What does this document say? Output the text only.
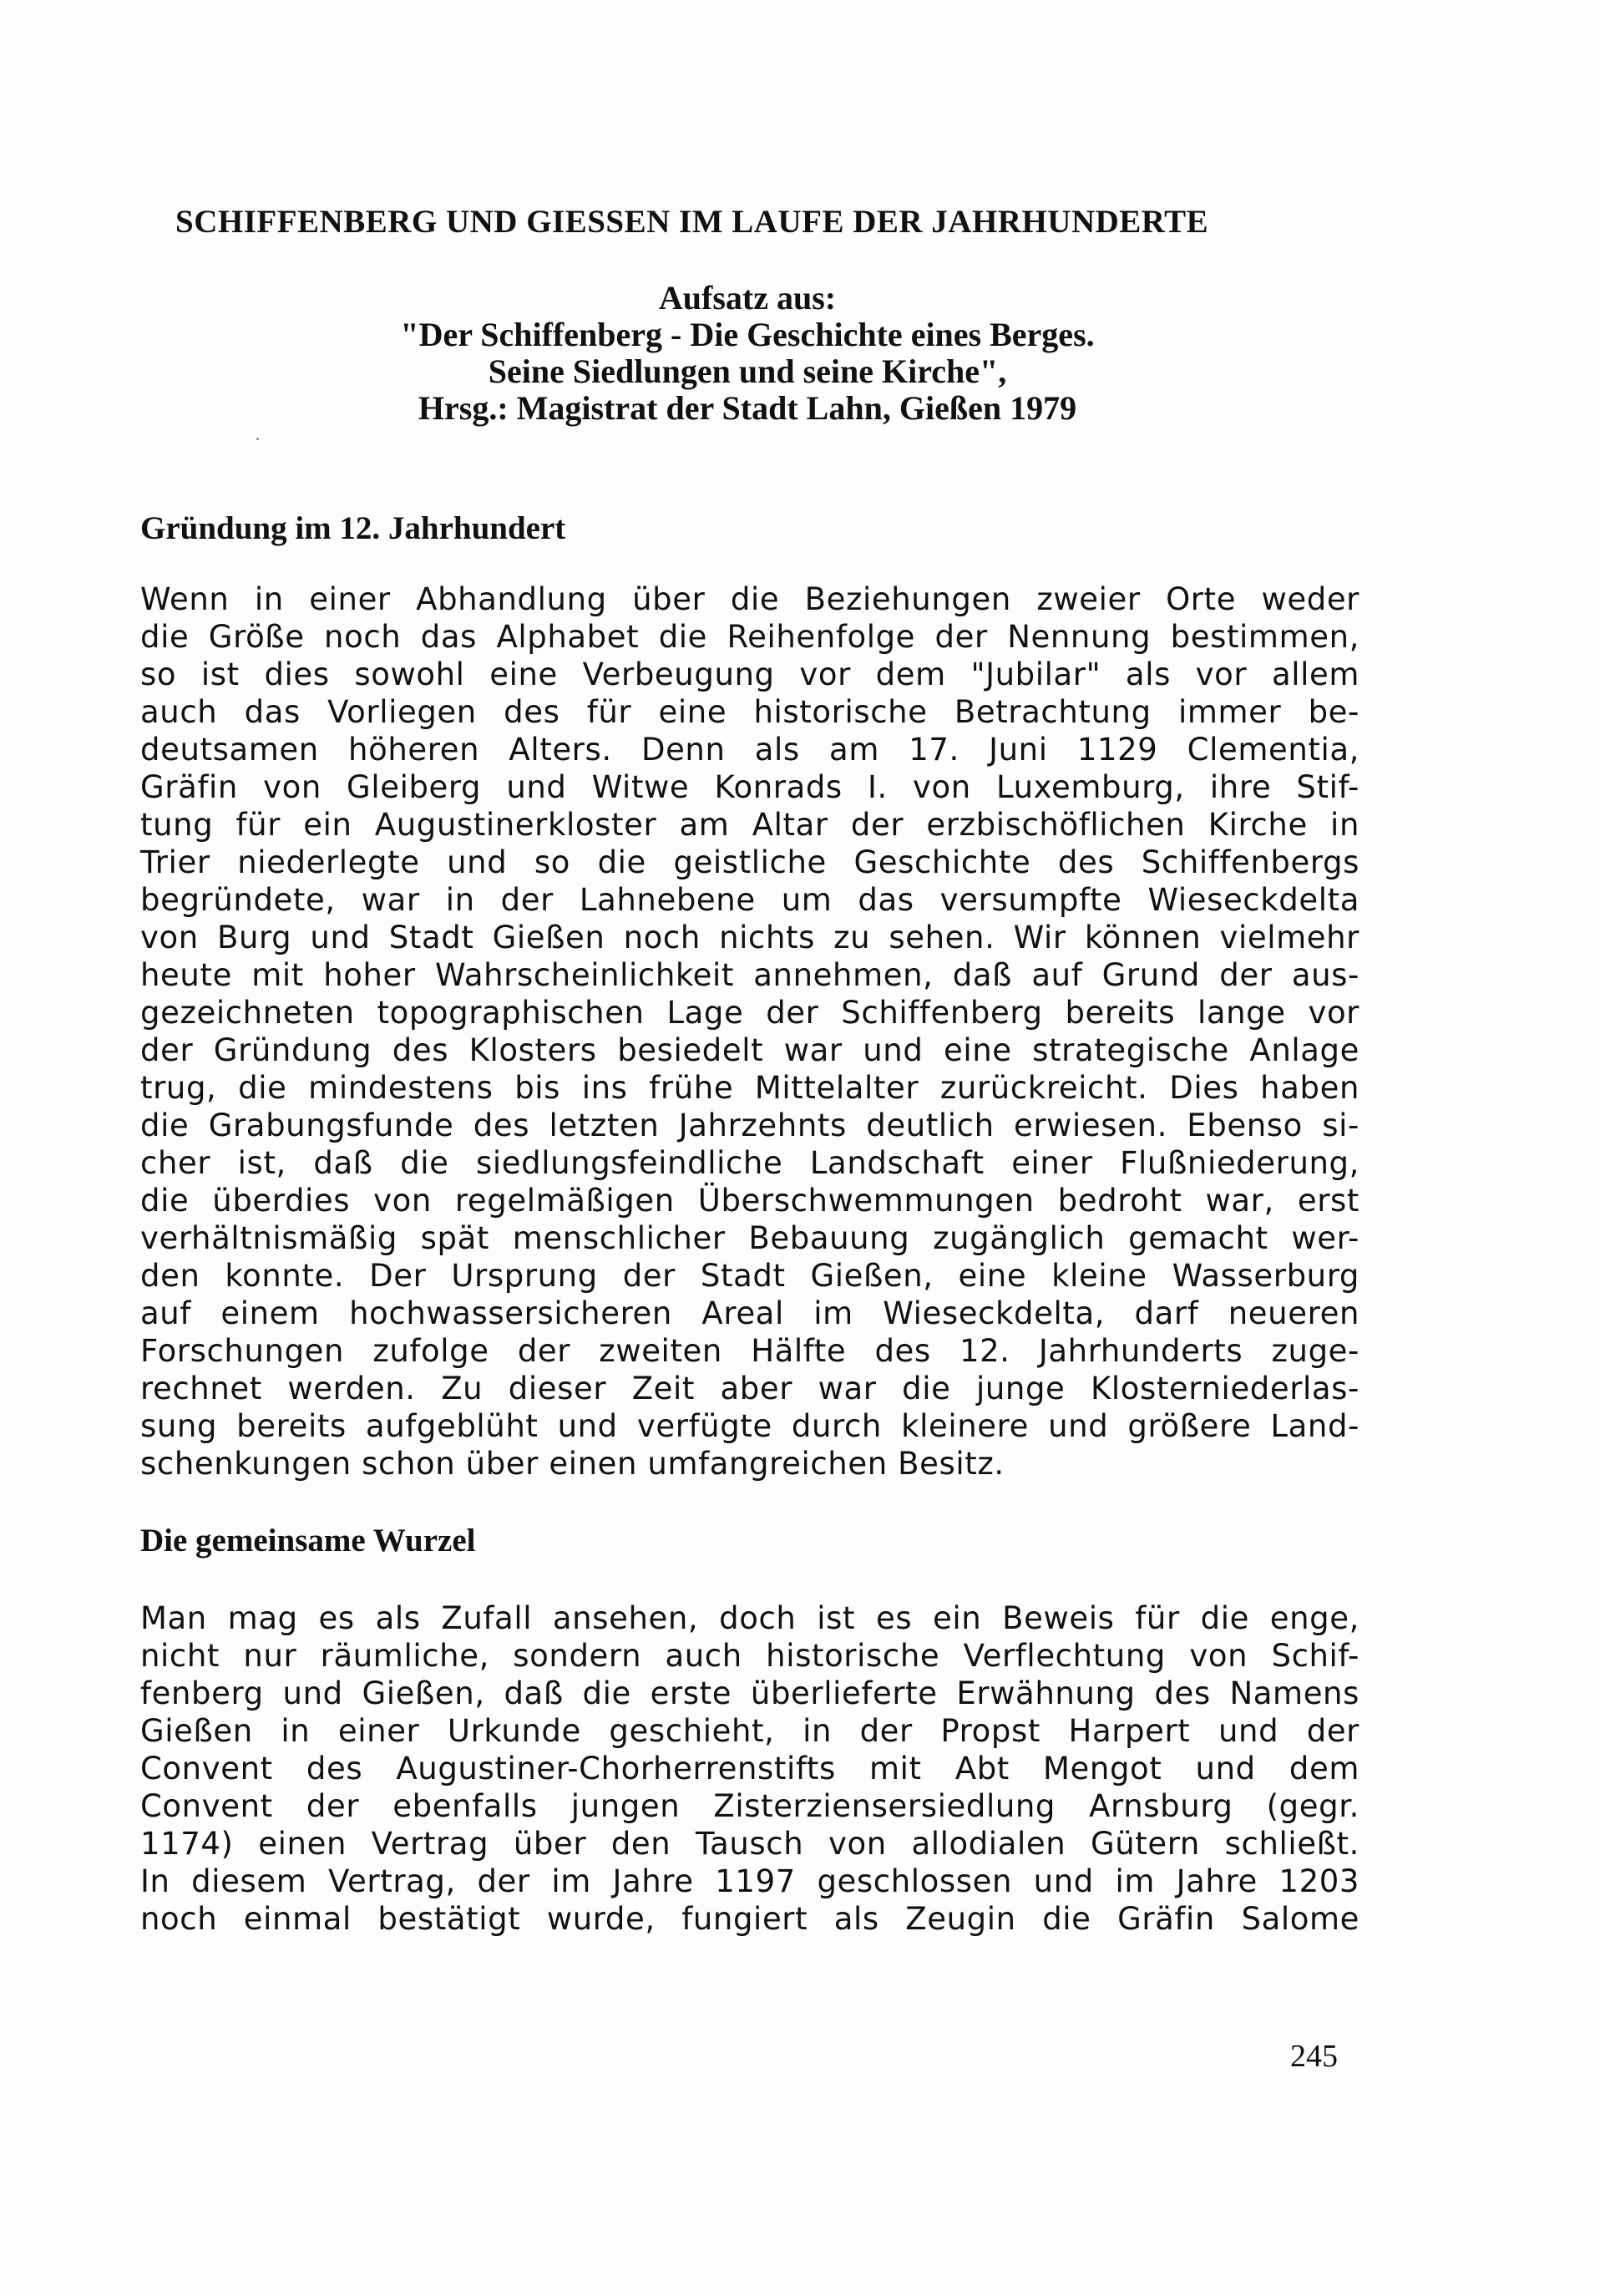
SCHIFFENBERG UND GIESSEN IM LAUFE DER JAHRHUNDERTE
Aufsatz aus:
"Der Schiffenberg - Die Geschichte eines Berges.
Seine Siedlungen und seine Kirche",
Hrsg.: Magistrat der Stadt Lahn, Gießen 1979
Gründung im 12. Jahrhundert
Wenn in einer Abhandlung über die Beziehungen zweier Orte weder
die Größe noch das Alphabet die Reihenfolge der Nennung bestimmen,
so ist dies sowohl eine Verbeugung vor dem "Jubilar" als vor allem
auch das Vorliegen des für eine historische Betrachtung immer be-
deutsamen höheren Alters. Denn als am 17. Juni 1129 Clementia,
Gräfin von Gleiberg und Witwe Konrads I. von Luxemburg, ihre Stif-
tung für ein Augustinerkloster am Altar der erzbischöflichen Kirche in
Trier niederlegte und so die geistliche Geschichte des Schiffenbergs
begründete, war in der Lahnebene um das versumpfte Wieseckdelta
von Burg und Stadt Gießen noch nichts zu sehen. Wir können vielmehr
heute mit hoher Wahrscheinlichkeit annehmen, daß auf Grund der aus-
gezeichneten topographischen Lage der Schiffenberg bereits lange vor
der Gründung des Klosters besiedelt war und eine strategische Anlage
trug, die mindestens bis ins frühe Mittelalter zurückreicht. Dies haben
die Grabungsfunde des letzten Jahrzehnts deutlich erwiesen. Ebenso si-
cher ist, daß die siedlungsfeindliche Landschaft einer Flußniederung,
die überdies von regelmäßigen Überschwemmungen bedroht war, erst
verhältnismäßig spät menschlicher Bebauung zugänglich gemacht wer-
den konnte. Der Ursprung der Stadt Gießen, eine kleine Wasserburg
auf einem hochwassersicheren Areal im Wieseckdelta, darf neueren
Forschungen zufolge der zweiten Hälfte des 12. Jahrhunderts zuge-
rechnet werden. Zu dieser Zeit aber war die junge Klosterniederlas-
sung bereits aufgeblüht und verfügte durch kleinere und größere Land-
schenkungen schon über einen umfangreichen Besitz.
Die gemeinsame Wurzel
Man mag es als Zufall ansehen, doch ist es ein Beweis für die enge,
nicht nur räumliche, sondern auch historische Verflechtung von Schif-
fenberg und Gießen, daß die erste überlieferte Erwähnung des Namens
Gießen in einer Urkunde geschieht, in der Propst Harpert und der
Convent des Augustiner-Chorherrenstifts mit Abt Mengot und dem
Convent der ebenfalls jungen Zisterziensersiedlung Arnsburg (gegr.
1174) einen Vertrag über den Tausch von allodialen Gütern schließt.
In diesem Vertrag, der im Jahre 1197 geschlossen und im Jahre 1203
noch einmal bestätigt wurde, fungiert als Zeugin die Gräfin Salome
245
